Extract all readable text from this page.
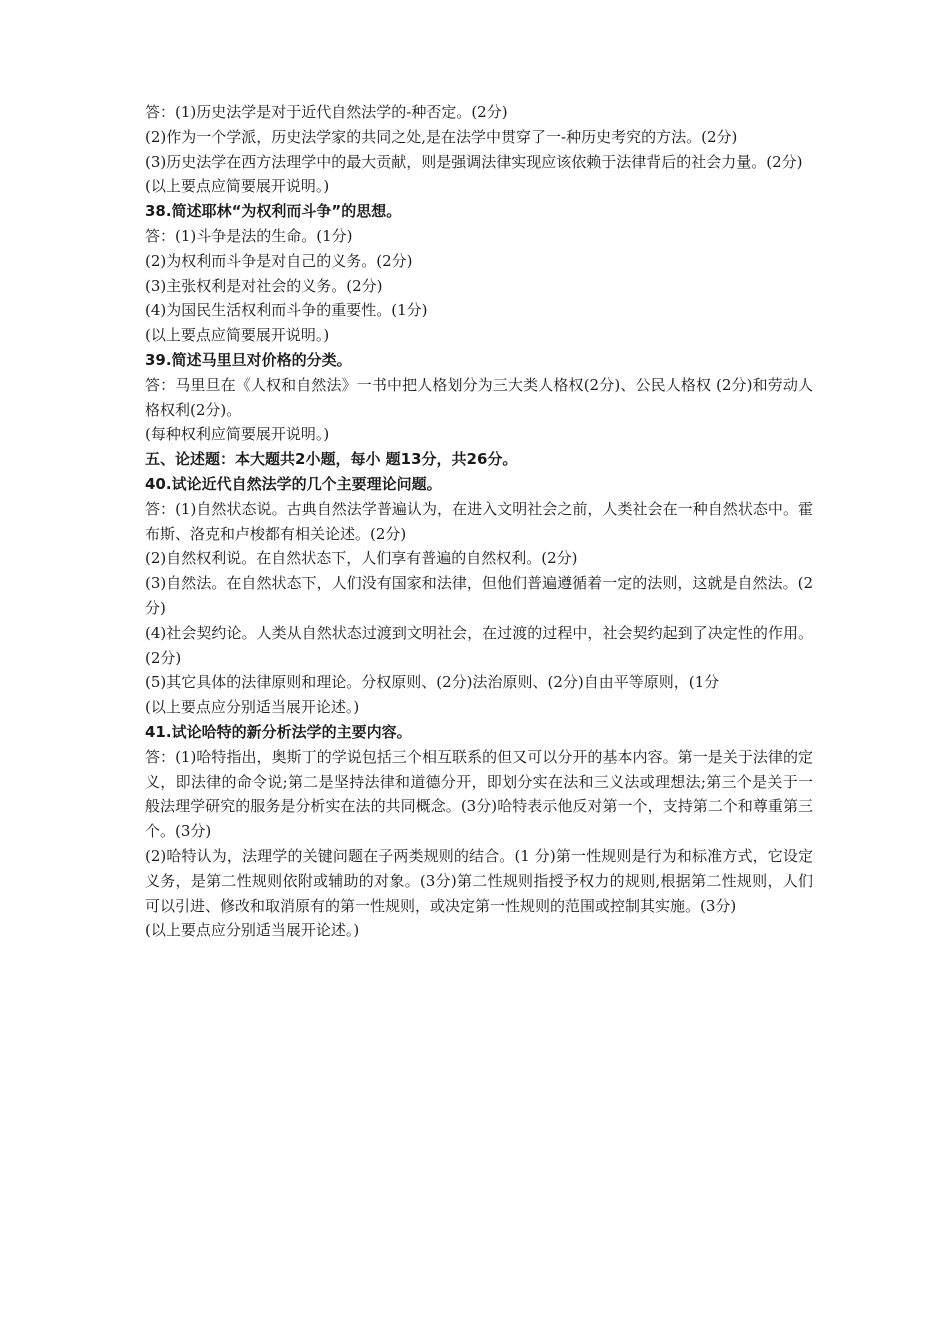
答：(1)历史法学是对于近代自然法学的-种否定。(2分)
(2)作为一个学派，历史法学家的共同之处,是在法学中贯穿了一-种历史考究的方法。(2分)
(3)历史法学在西方法理学中的最大贡献，则是强调法律实现应该依赖于法律背后的社会力量。(2分)
(以上要点应简要展开说明。)
38.简述耶林“为权利而斗争”的思想。
答：(1)斗争是法的生命。(1分)
(2)为权利而斗争是对自己的义务。(2分)
(3)主张权利是对社会的义务。(2分)
(4)为国民生活权利而斗争的重要性。(1分)
(以上要点应简要展开说明。)
39.简述马里旦对价格的分类。
答：马里旦在《人权和自然法》一书中把人格划分为三大类人格权(2分)、公民人格权 (2分)和劳动人格权利(2分)。
(每种权利应简要展开说明。)
五、论述题：本大题共2小题，每小 题13分，共26分。
40.试论近代自然法学的几个主要理论问题。
答：(1)自然状态说。古典自然法学普遍认为，在进入文明社会之前，人类社会在一种自然状态中。霍布斯、洛克和卢梭都有相关论述。(2分)
(2)自然权利说。在自然状态下，人们享有普遍的自然权利。(2分)
(3)自然法。在自然状态下，人们没有国家和法律，但他们普遍遵循着一定的法则，这就是自然法。(2分)
(4)社会契约论。人类从自然状态过渡到文明社会，在过渡的过程中，社会契约起到了决定性的作用。(2分)
(5)其它具体的法律原则和理论。分权原则、(2分)法治原则、(2分)自由平等原则，(1分
(以上要点应分别适当展开论述。)
41.试论哈特的新分析法学的主要内容。
答：(1)哈特指出，奥斯丁的学说包括三个相互联系的但又可以分开的基本内容。第一是关于法律的定义，即法律的命令说;第二是坚持法律和道德分开，即划分实在法和三义法或理想法;第三个是关于一般法理学研究的服务是分析实在法的共同概念。(3分)哈特表示他反对第一个，支持第二个和尊重第三个。(3分)
(2)哈特认为，法理学的关键问题在子两类规则的结合。(1 分)第一性规则是行为和标准方式，它设定义务，是第二性规则依附或辅助的对象。(3分)第二性规则指授予权力的规则,根据第二性规则，人们可以引进、修改和取消原有的第一性规则，或决定第一性规则的范围或控制其实施。(3分)
(以上要点应分别适当展开论述。)
